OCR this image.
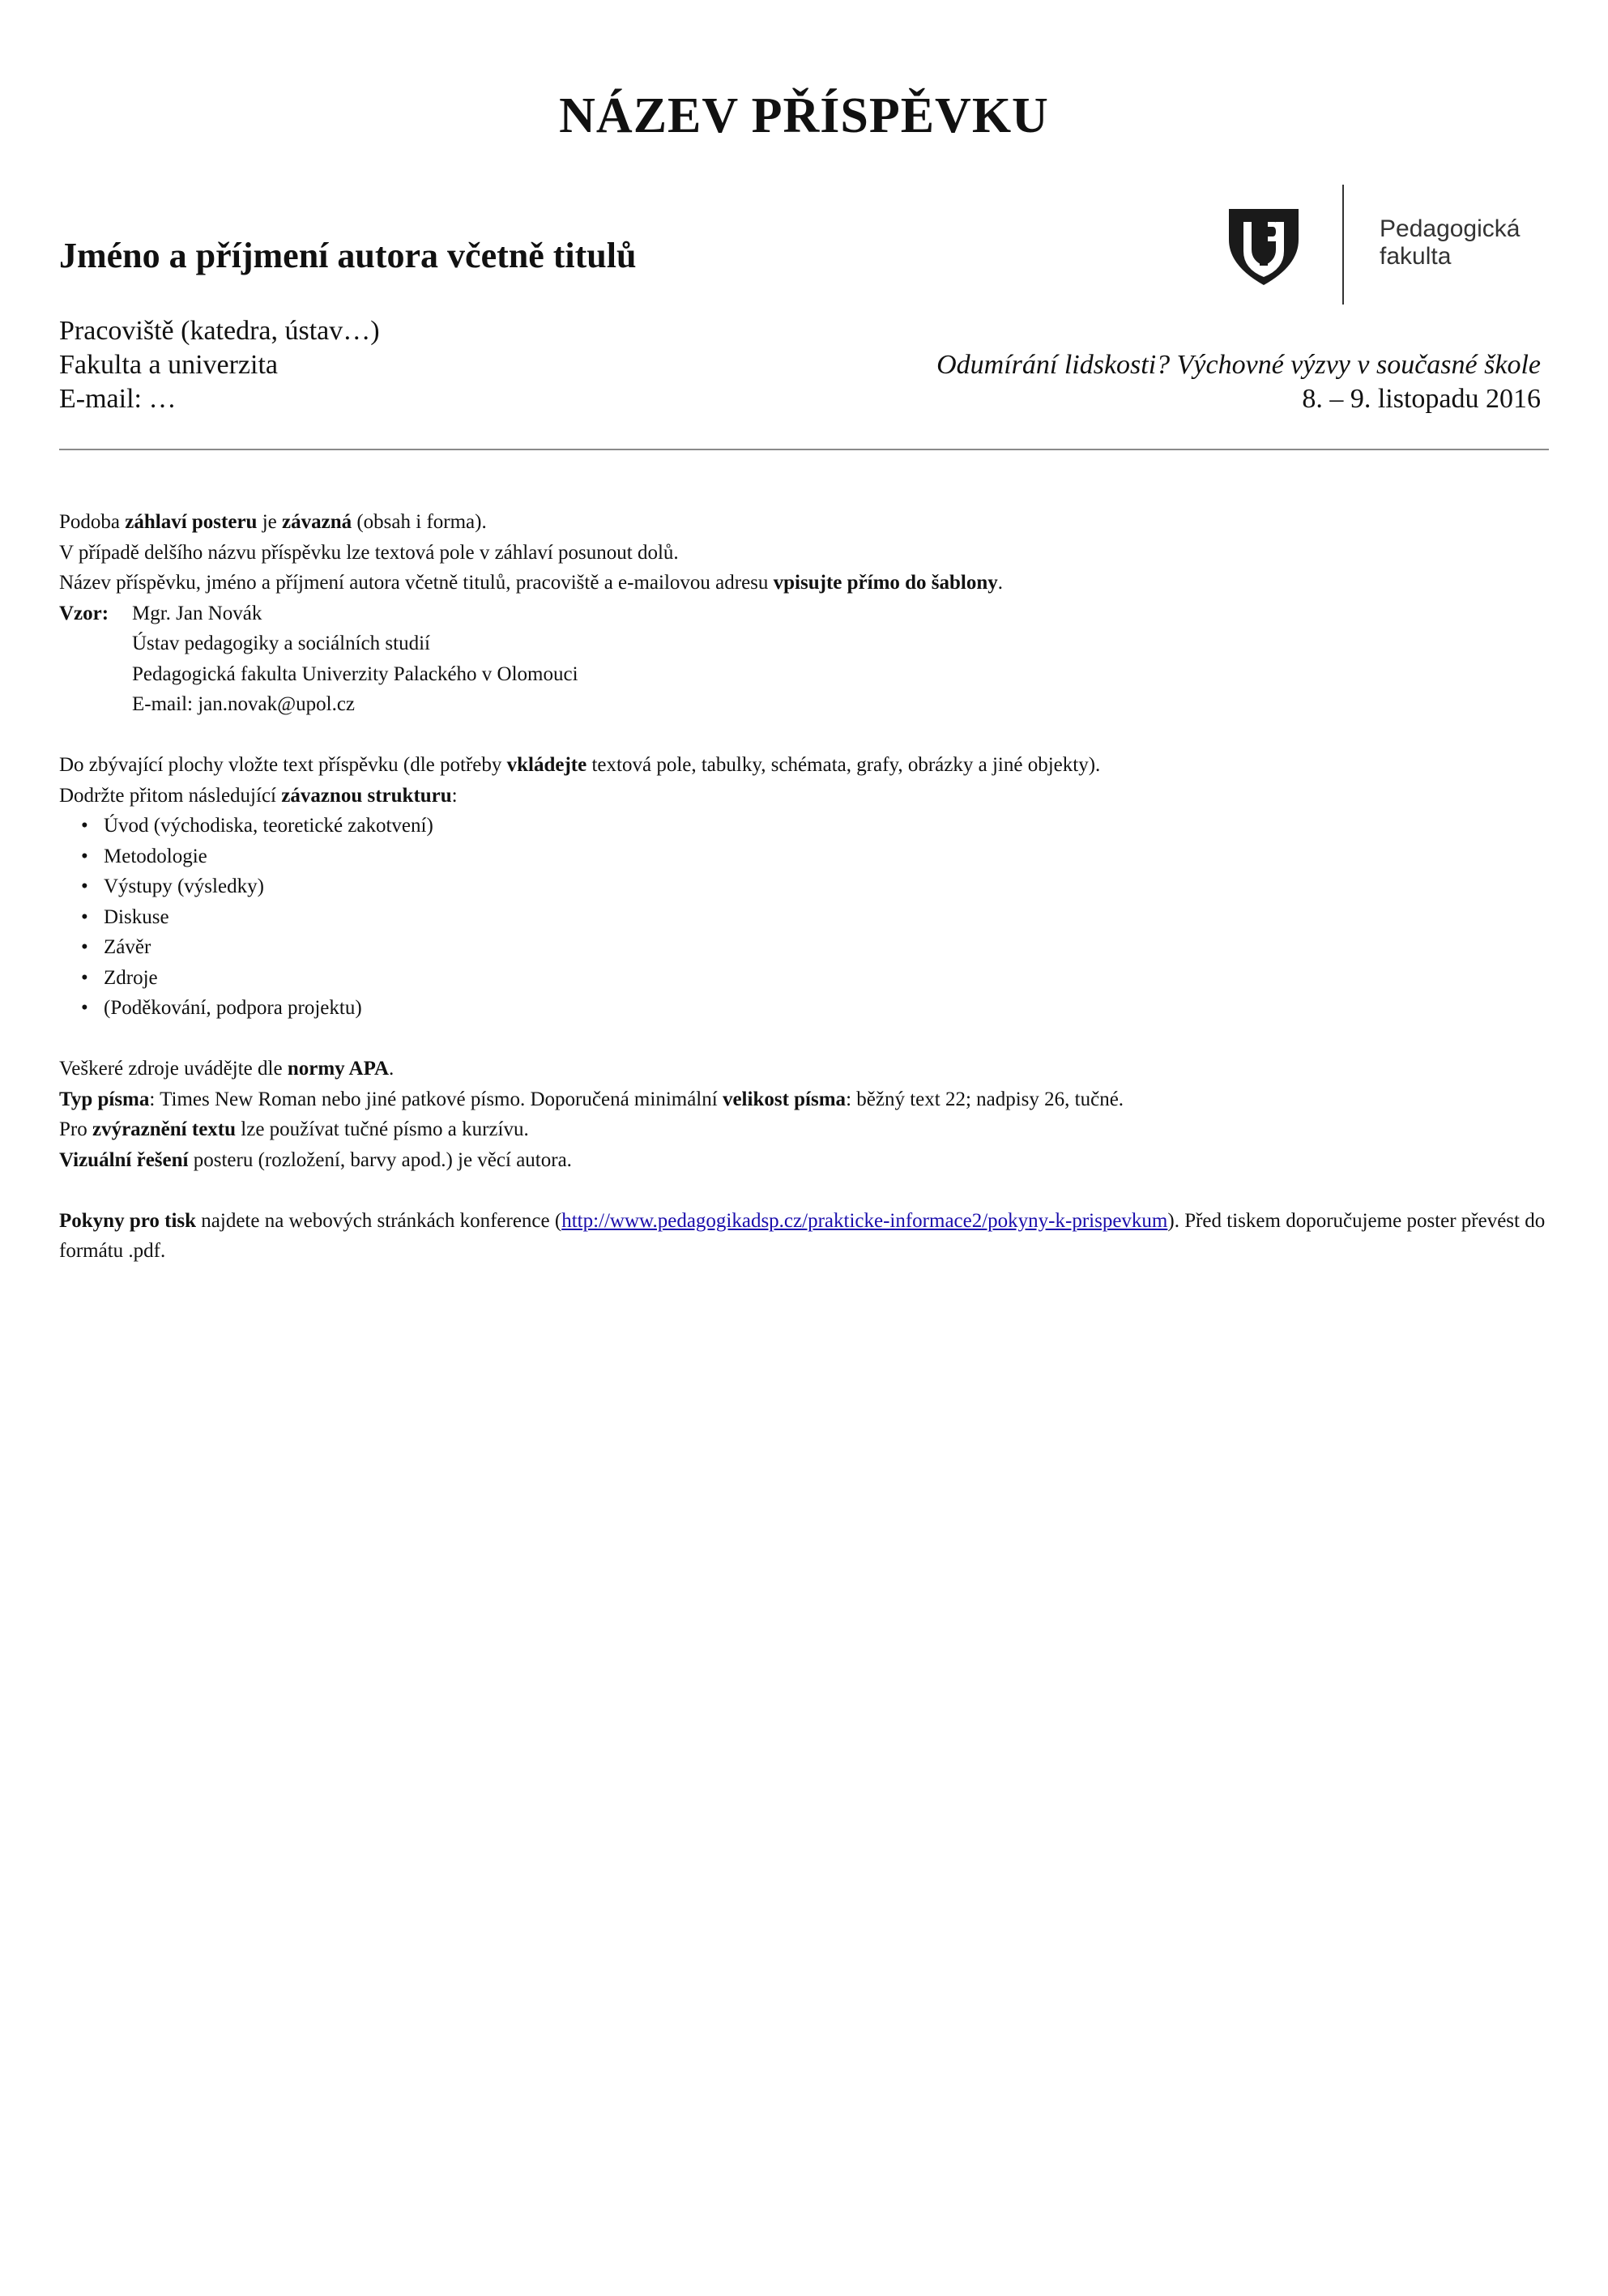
NÁZEV PŘÍSPĚVKU
Jméno a příjmení autora včetně titulů
Pracoviště (katedra, ústav…)
Fakulta a univerzita
E-mail: …
Pedagogická
fakulta
Odumírání lidskosti? Výchovné výzvy v současné škole
8. – 9. listopadu 2016

Podoba záhlaví posteru je závazná (obsah i forma).

V případě delšího názvu příspěvku lze textová pole v záhlaví posunout dolů.

Název příspěvku, jméno a příjmení autora včetně titulů, pracoviště a e-mailovou adresu vpisujte přímo do šablony.

Vzor:	Mgr. Jan Novák
Ústav pedagogiky a sociálních studií
Pedagogická fakulta Univerzity Palackého v Olomouci
E-mail: jan.novak@upol.cz

Do zbývající plochy vložte text příspěvku (dle potřeby vkládejte textová pole, tabulky, schémata, grafy, obrázky a jiné objekty).

Dodržte přitom následující závaznou strukturu:

• Úvod (východiska, teoretické zakotvení)
• Metodologie
• Výstupy (výsledky)
• Diskuse
• Závěr
• Zdroje
• (Poděkování, podpora projektu)

Veškeré zdroje uvádějte dle normy APA.

Typ písma: Times New Roman nebo jiné patkové písmo. Doporučená minimální velikost písma: běžný text 22; nadpisy 26, tučné.

Pro zvýraznění textu lze používat tučné písmo a kurzívu.

Vizuální řešení posteru (rozložení, barvy apod.) je věcí autora.

Pokyny pro tisk najdete na webových stránkách konference (http://www.pedagogikadsp.cz/prakticke-informace2/pokyny-k-prispevkum). Před tiskem doporučujeme poster převést do formátu .pdf.
